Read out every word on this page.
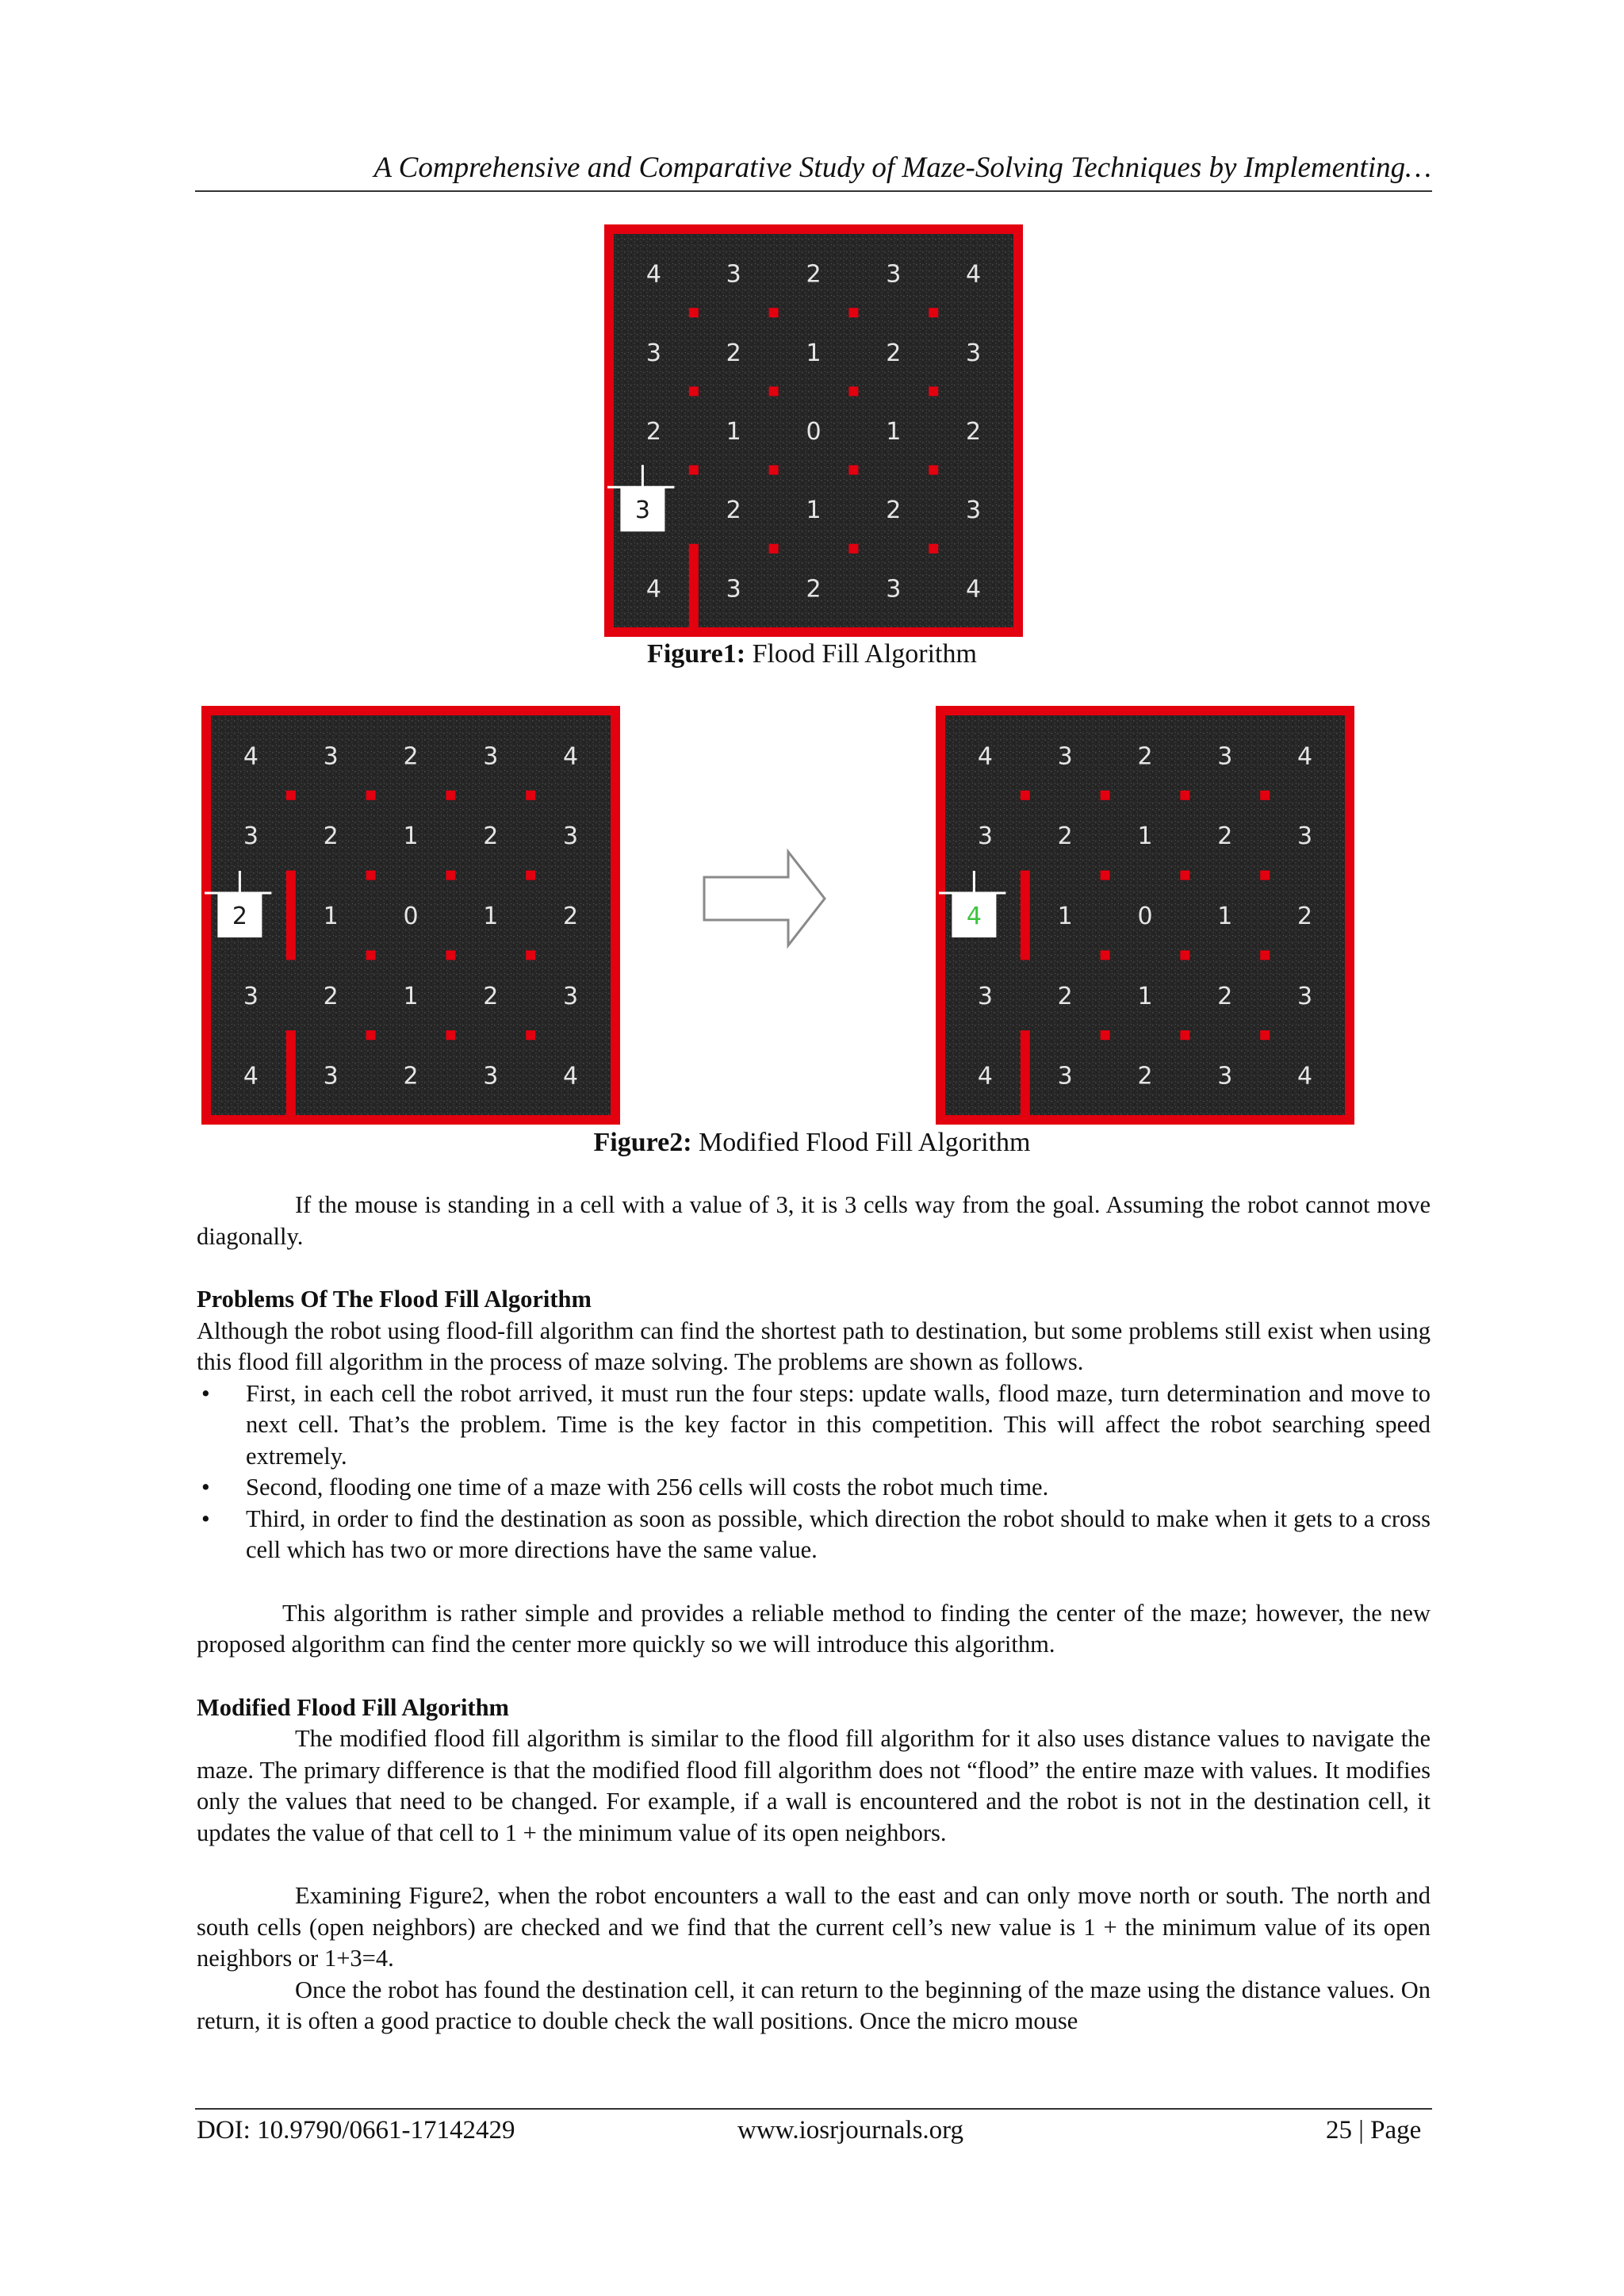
A Comprehensive and Comparative Study of Maze-Solving Techniques by Implementing…
4	3	2	3	4
3	2	1	2	3
2	1	0	1	2
3	2	1	2	3
4	3	2	3	4
Figure1: Flood Fill Algorithm
4	3	2	3	4
3	2	1	2	3
2	1	0	1	2
3	2	1	2	3
4	3	2	3	4
4	3	2	3	4
3	2	1	2	3
4	1	0	1	2
3	2	1	2	3
4	3	2	3	4
Figure2: Modified Flood Fill Algorithm

If the mouse is standing in a cell with a value of 3, it is 3 cells way from the goal. Assuming the robot cannot move diagonally.

Problems Of The Flood Fill Algorithm

Although the robot using flood-fill algorithm can find the shortest path to destination, but some problems still exist when using this flood fill algorithm in the process of maze solving. The problems are shown as follows.

• First, in each cell the robot arrived, it must run the four steps: update walls, flood maze, turn determination and move to next cell. That’s the problem. Time is the key factor in this competition. This will affect the robot searching speed extremely.
• Second, flooding one time of a maze with 256 cells will costs the robot much time.
• Third, in order to find the destination as soon as possible, which direction the robot should to make when it gets to a cross cell which has two or more directions have the same value.

This algorithm is rather simple and provides a reliable method to finding the center of the maze; however, the new proposed algorithm can find the center more quickly so we will introduce this algorithm.

Modified Flood Fill Algorithm

The modified flood fill algorithm is similar to the flood fill algorithm for it also uses distance values to navigate the maze. The primary difference is that the modified flood fill algorithm does not “flood” the entire maze with values. It modifies only the values that need to be changed. For example, if a wall is encountered and the robot is not in the destination cell, it updates the value of that cell to 1 + the minimum value of its open neighbors.

Examining Figure2, when the robot encounters a wall to the east and can only move north or south. The north and south cells (open neighbors) are checked and we find that the current cell’s new value is 1 + the minimum value of its open neighbors or 1+3=4.

Once the robot has found the destination cell, it can return to the beginning of the maze using the distance values. On return, it is often a good practice to double check the wall positions. Once the micro mouse

DOI: 10.9790/0661-17142429	www.iosrjournals.org	25 | Page
